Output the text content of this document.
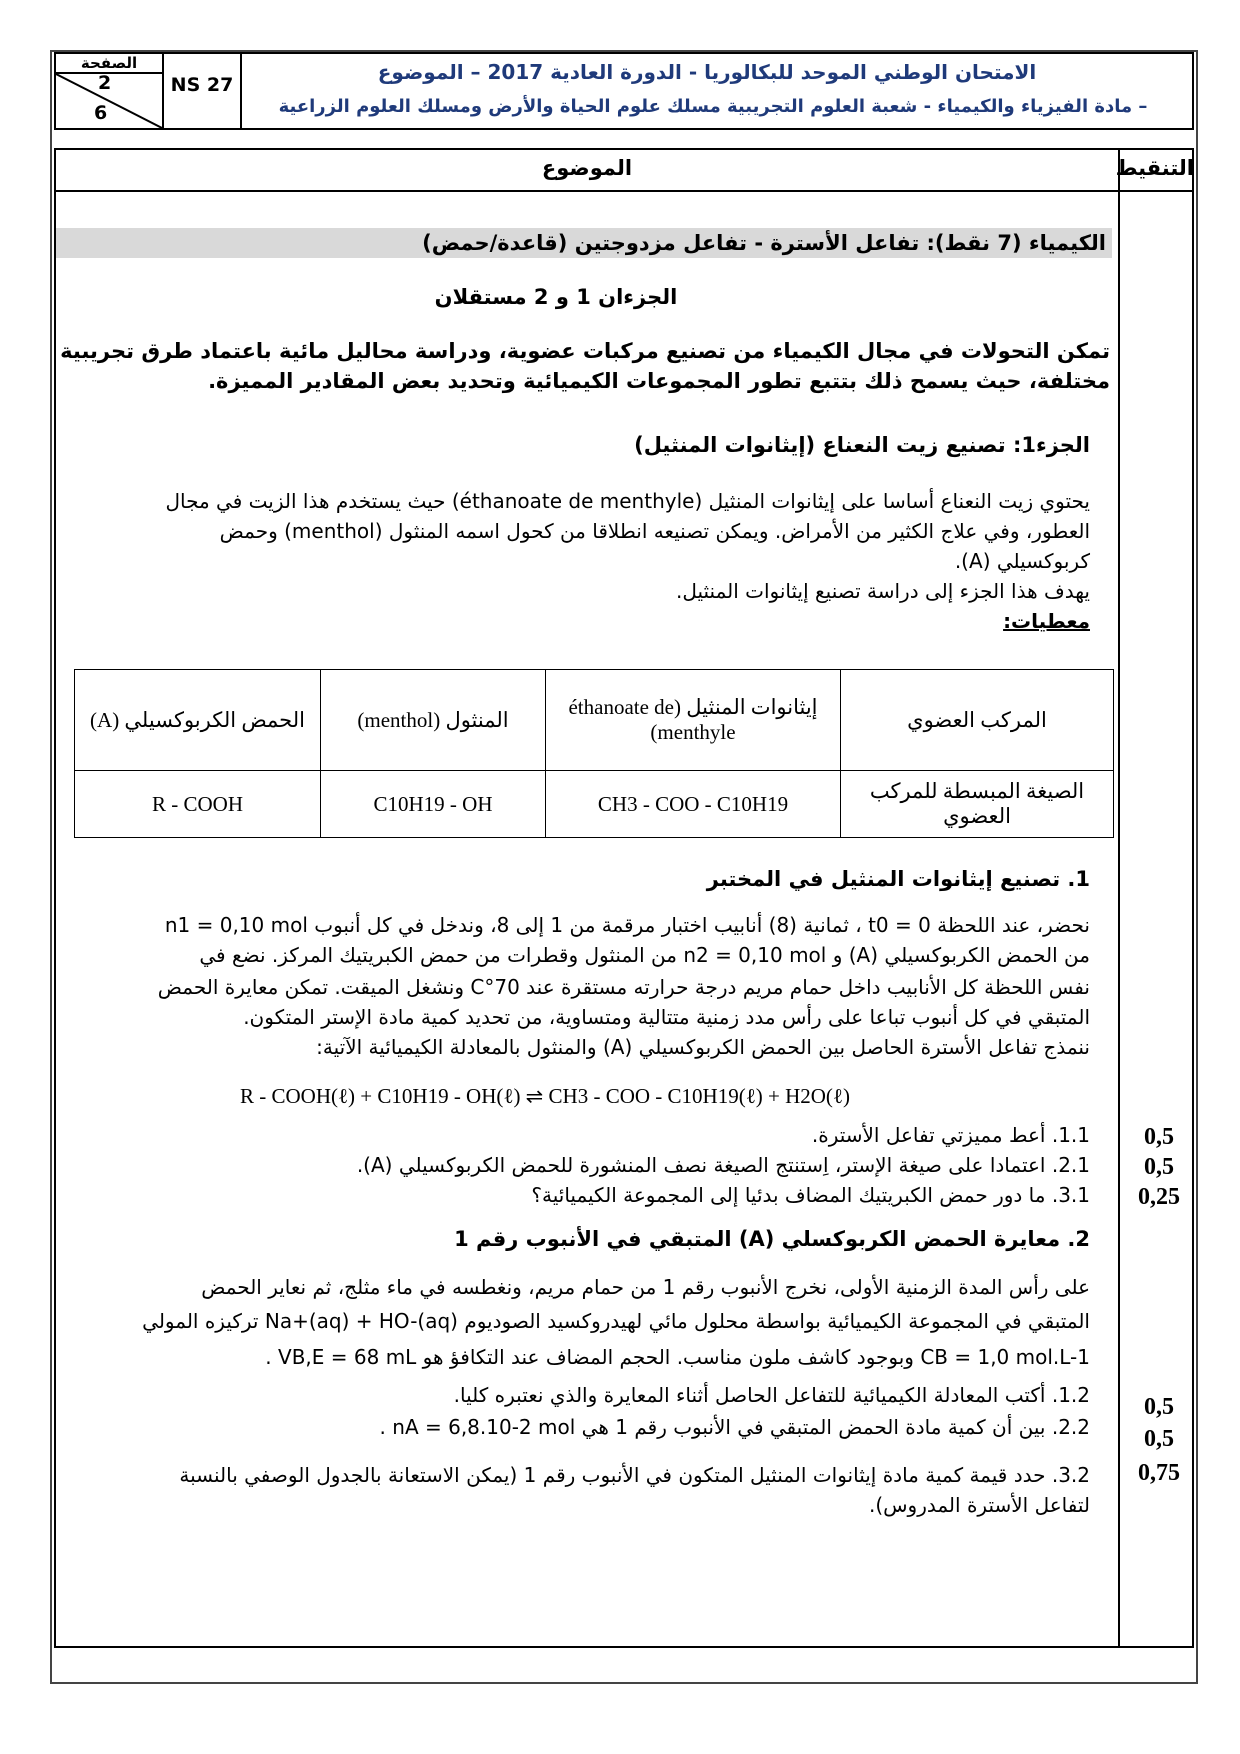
الصفحة
2
6
NS 27
الامتحان الوطني الموحد للبكالوريا - الدورة العادية 2017 – الموضوع
– مادة الفيزياء والكيمياء - شعبة العلوم التجريبية مسلك علوم الحياة والأرض ومسلك العلوم الزراعية
التنقيط
الموضوع
الكيمياء (7 نقط): تفاعل الأسترة - تفاعل مزدوجتين (قاعدة/حمض)
الجزءان 1 و 2 مستقلان
تمكن التحولات في مجال الكيمياء من تصنيع مركبات عضوية، ودراسة محاليل مائية باعتماد طرق تجريبية
مختلفة، حيث يسمح ذلك بتتبع تطور المجموعات الكيميائية وتحديد بعض المقادير المميزة.
الجزء1: تصنيع زيت النعناع (إيثانوات المنثيل)
يحتوي زيت النعناع أساسا على إيثانوات المنثيل (éthanoate de menthyle) حيث يستخدم هذا الزيت في مجال
العطور، وفي علاج الكثير من الأمراض. ويمكن تصنيعه انطلاقا من كحول اسمه المنثول (menthol) وحمض
كربوكسيلي (A).
يهدف هذا الجزء إلى دراسة تصنيع إيثانوات المنثيل.
معطيات:
المركب العضوي	إيثانوات المنثيل (éthanoate de menthyle)	المنثول (menthol)	الحمض الكربوكسيلي (A)
الصيغة المبسطة للمركب العضوي	CH3 - COO - C10H19	C10H19 - OH	R - COOH
1. تصنيع إيثانوات المنثيل في المختبر
نحضر، عند اللحظة t0 = 0 ، ثمانية (8) أنابيب اختبار مرقمة من 1 إلى 8، وندخل في كل أنبوب n1 = 0,10 mol
من الحمض الكربوكسيلي (A) و n2 = 0,10 mol من المنثول وقطرات من حمض الكبريتيك المركز. نضع في
نفس اللحظة كل الأنابيب داخل حمام مريم درجة حرارته مستقرة عند 70°C ونشغل الميقت. تمكن معايرة الحمض
المتبقي في كل أنبوب تباعا على رأس مدد زمنية متتالية ومتساوية، من تحديد كمية مادة الإستر المتكون.
ننمذج تفاعل الأسترة الحاصل بين الحمض الكربوكسيلي (A) والمنثول بالمعادلة الكيميائية الآتية:
R - COOH(ℓ) + C10H19 - OH(ℓ) ⇌ CH3 - COO - C10H19(ℓ) + H2O(ℓ)
1.1. أعط مميزتي تفاعل الأسترة.	0,5
2.1. اعتمادا على صيغة الإستر، اِستنتج الصيغة نصف المنشورة للحمض الكربوكسيلي (A).	0,5
3.1. ما دور حمض الكبريتيك المضاف بدئيا إلى المجموعة الكيميائية؟	0,25
2. معايرة الحمض الكربوكسلي (A) المتبقي في الأنبوب رقم 1
على رأس المدة الزمنية الأولى، نخرج الأنبوب رقم 1 من حمام مريم، ونغطسه في ماء مثلج، ثم نعاير الحمض
المتبقي في المجموعة الكيميائية بواسطة محلول مائي لهيدروكسيد الصوديوم Na+(aq) + HO-(aq) تركيزه المولي
CB = 1,0 mol.L-1 وبوجود كاشف ملون مناسب. الحجم المضاف عند التكافؤ هو VB,E = 68 mL .
1.2. أكتب المعادلة الكيميائية للتفاعل الحاصل أثناء المعايرة والذي نعتبره كليا.	0,5
2.2. بين أن كمية مادة الحمض المتبقي في الأنبوب رقم 1 هي nA = 6,8.10-2 mol .	0,5
3.2. حدد قيمة كمية مادة إيثانوات المنثيل المتكون في الأنبوب رقم 1 (يمكن الاستعانة بالجدول الوصفي بالنسبة	0,75
لتفاعل الأسترة المدروس).
